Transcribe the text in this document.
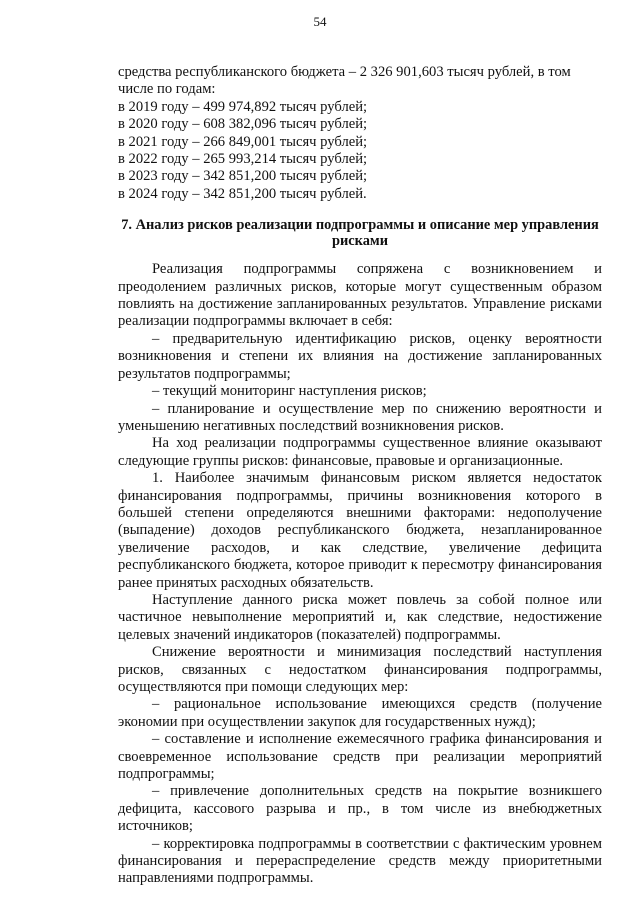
54

средства республиканского бюджета – 2 326 901,603 тысяч рублей, в том

числе по годам:

в 2019 году – 499 974,892 тысяч рублей;
в 2020 году – 608 382,096 тысяч рублей;
в 2021 году – 266 849,001 тысяч рублей;
в 2022 году – 265 993,214 тысяч рублей;
в 2023 году – 342 851,200 тысяч рублей;
в 2024 году – 342 851,200 тысяч рублей.
7. Анализ рисков реализации подпрограммы и описание мер управления рисками

Реализация подпрограммы сопряжена с возникновением и преодолением различных рисков, которые могут существенным образом повлиять на достижение запланированных результатов. Управление рисками реализации подпрограммы включает в себя:

– предварительную идентификацию рисков, оценку вероятности возникновения и степени их влияния на достижение запланированных результатов подпрограммы;

– текущий мониторинг наступления рисков;

– планирование и осуществление мер по снижению вероятности и уменьшению негативных последствий возникновения рисков.

На ход реализации подпрограммы существенное влияние оказывают следующие группы рисков: финансовые, правовые и организационные.

1. Наиболее значимым финансовым риском является недостаток финансирования подпрограммы, причины возникновения которого в большей степени определяются внешними факторами: недополучение (выпадение) доходов республиканского бюджета, незапланированное увеличение расходов, и как следствие, увеличение дефицита республиканского бюджета, которое приводит к пересмотру финансирования ранее принятых расходных обязательств.

Наступление данного риска может повлечь за собой полное или частичное невыполнение мероприятий и, как следствие, недостижение целевых значений индикаторов (показателей) подпрограммы.

Снижение вероятности и минимизация последствий наступления рисков, связанных с недостатком финансирования подпрограммы, осуществляются при помощи следующих мер:

– рациональное использование имеющихся средств (получение экономии при осуществлении закупок для государственных нужд);

– составление и исполнение ежемесячного графика финансирования и своевременное использование средств при реализации мероприятий подпрограммы;

– привлечение дополнительных средств на покрытие возникшего дефицита, кассового разрыва и пр., в том числе из внебюджетных источников;

– корректировка подпрограммы в соответствии с фактическим уровнем финансирования и перераспределение средств между приоритетными направлениями подпрограммы.
